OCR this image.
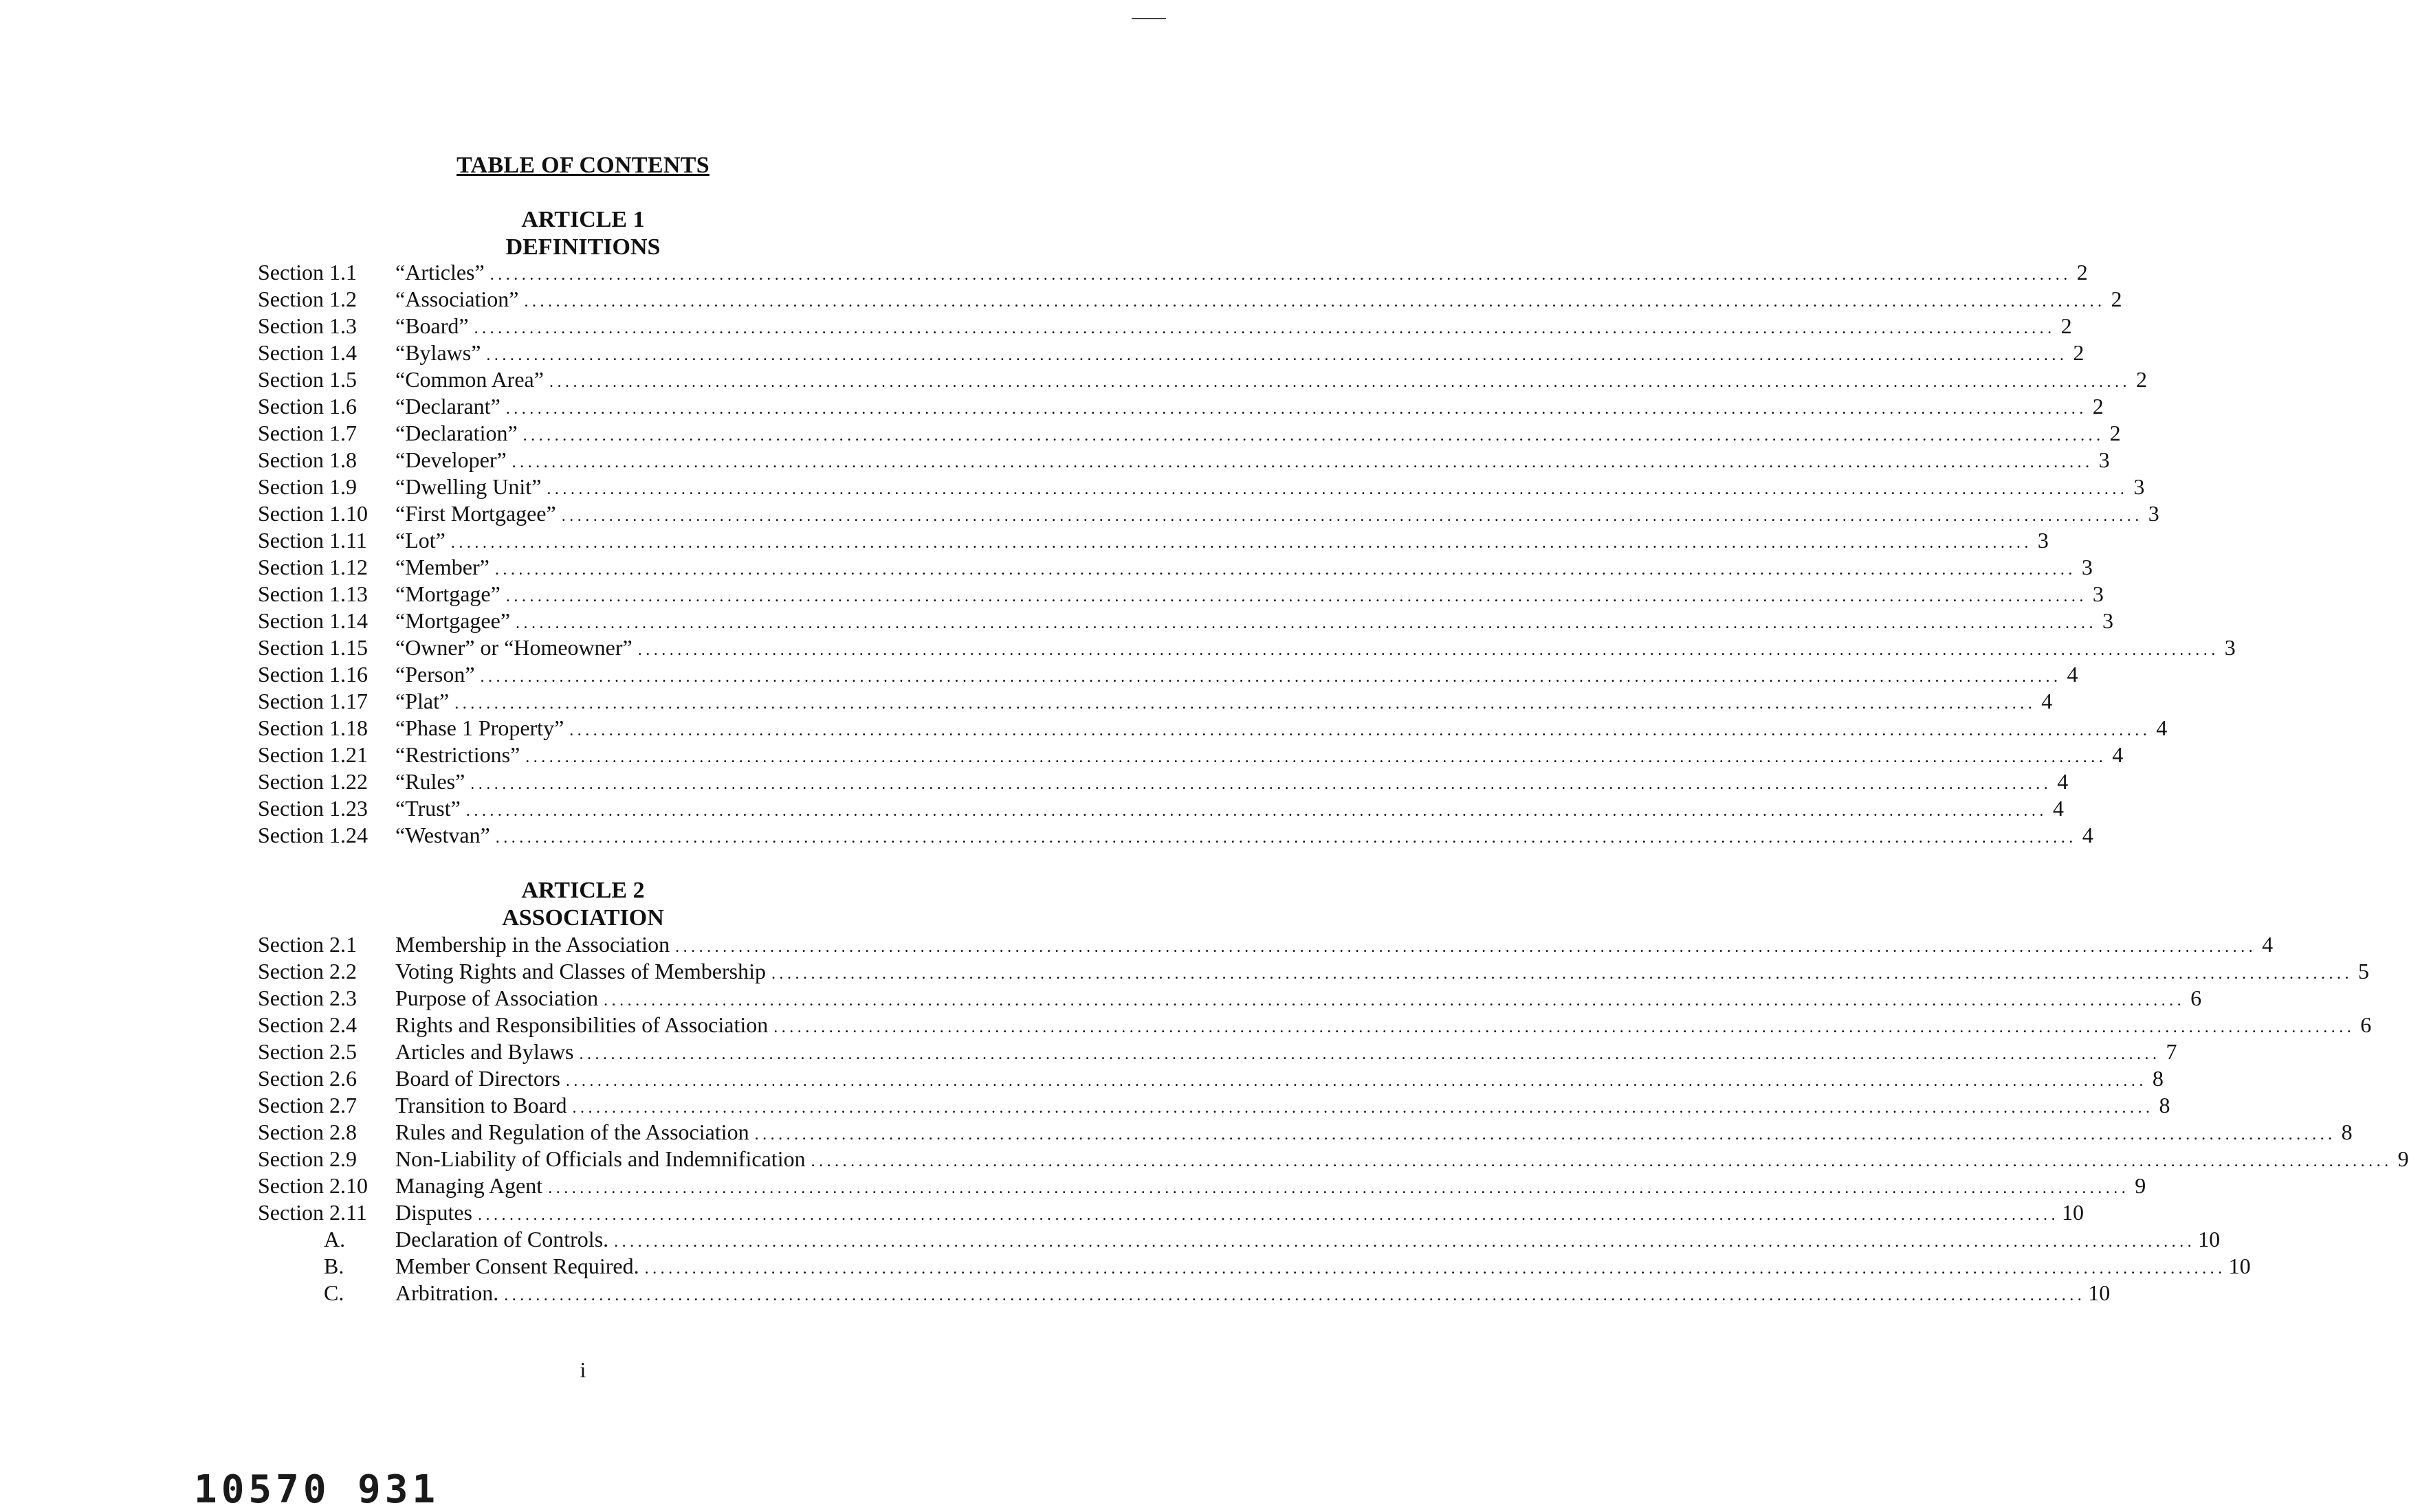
TABLE OF CONTENTS
ARTICLE 1
DEFINITIONS
Section 1.1 “Articles” ........................................................................................................................................................................................................ 2
Section 1.2 “Association” ........................................................................................................................................................................................................ 2
Section 1.3 “Board” ........................................................................................................................................................................................................ 2
Section 1.4 “Bylaws” ........................................................................................................................................................................................................ 2
Section 1.5 “Common Area” ........................................................................................................................................................................................................ 2
Section 1.6 “Declarant” ........................................................................................................................................................................................................ 2
Section 1.7 “Declaration” ........................................................................................................................................................................................................ 2
Section 1.8 “Developer” ........................................................................................................................................................................................................ 3
Section 1.9 “Dwelling Unit” ........................................................................................................................................................................................................ 3
Section 1.10 “First Mortgagee” ........................................................................................................................................................................................................ 3
Section 1.11 “Lot” ........................................................................................................................................................................................................ 3
Section 1.12 “Member” ........................................................................................................................................................................................................ 3
Section 1.13 “Mortgage” ........................................................................................................................................................................................................ 3
Section 1.14 “Mortgagee” ........................................................................................................................................................................................................ 3
Section 1.15 “Owner” or “Homeowner” ........................................................................................................................................................................................................ 3
Section 1.16 “Person” ........................................................................................................................................................................................................ 4
Section 1.17 “Plat” ........................................................................................................................................................................................................ 4
Section 1.18 “Phase 1 Property” ........................................................................................................................................................................................................ 4
Section 1.21 “Restrictions” ........................................................................................................................................................................................................ 4
Section 1.22 “Rules” ........................................................................................................................................................................................................ 4
Section 1.23 “Trust” ........................................................................................................................................................................................................ 4
Section 1.24 “Westvan” ........................................................................................................................................................................................................ 4
ARTICLE 2
ASSOCIATION
Section 2.1 Membership in the Association ........................................................................................................................................................................................................ 4
Section 2.2 Voting Rights and Classes of Membership ........................................................................................................................................................................................................ 5
Section 2.3 Purpose of Association ........................................................................................................................................................................................................ 6
Section 2.4 Rights and Responsibilities of Association ........................................................................................................................................................................................................ 6
Section 2.5 Articles and Bylaws ........................................................................................................................................................................................................ 7
Section 2.6 Board of Directors ........................................................................................................................................................................................................ 8
Section 2.7 Transition to Board ........................................................................................................................................................................................................ 8
Section 2.8 Rules and Regulation of the Association ........................................................................................................................................................................................................ 8
Section 2.9 Non-Liability of Officials and Indemnification ........................................................................................................................................................................................................ 9
Section 2.10 Managing Agent ........................................................................................................................................................................................................ 9
Section 2.11 Disputes ........................................................................................................................................................................................................ 10
A. Declaration of Controls. ........................................................................................................................................................................................................ 10
B. Member Consent Required. ........................................................................................................................................................................................................ 10
C. Arbitration. ........................................................................................................................................................................................................ 10
i
10570 931
